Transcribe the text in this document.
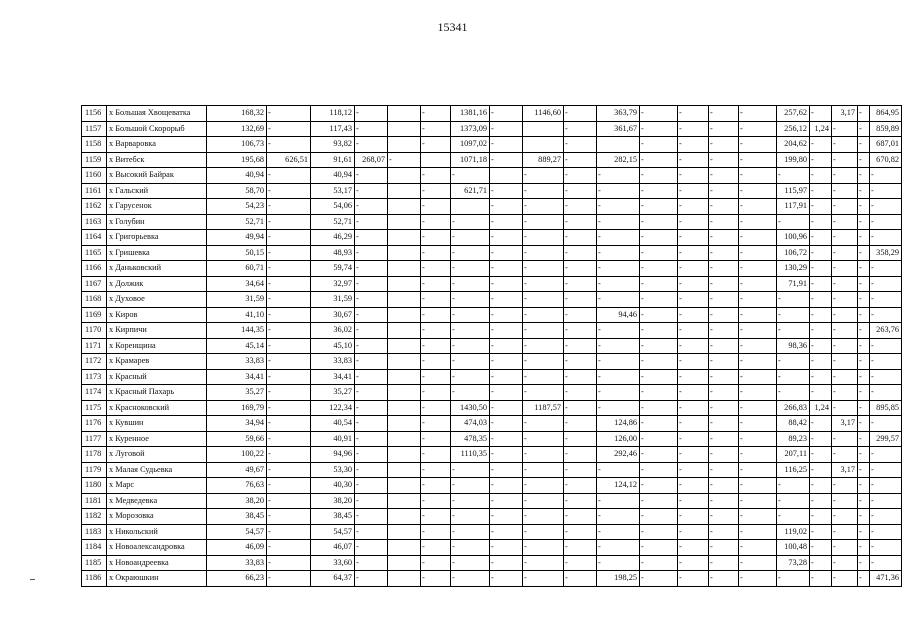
15341
1156	х Большая Хвощеватка	168,32	-	118,12	-		-	1381,16	-	1146,60	-	363,79	-	-	-	-	257,62	-	3,17	-	864,95
1157	х Большой Скорорыб	132,69	-	117,43	-		-	1373,09	-		-	361,67	-	-	-	-	256,12	1,24	-	-	859,89
1158	х Варваровка	106,73	-	93,82	-		-	1097,02	-		-		-	-	-	-	204,62	-	-	-	687,01
1159	х Витебск	195,68	626,51	91,61	268,07	-		1071,18	-	889,27	-	282,15	-	-	-	-	199,80	-	-	-	670,82
1160	х Высокий Байрак	40,94	-	40,94	-		-	-		-	-	-	-	-	-	-	-	-	-	-	-
1161	х Гальский	58,70	-	53,17	-		-	621,71	-	-	-	-	-	-	-	-	115,97	-	-	-	-
1162	х Гарусенок	54,23	-	54,06	-		-		-	-	-	-	-	-	-	-	117,91	-	-	-	-
1163	х Голубин	52,71	-	52,71	-		-	-	-	-	-	-	-	-	-	-	-	-	-	-	-
1164	х Григорьевка	49,94	-	46,29	-		-	-	-	-	-	-	-	-	-	-	100,96	-	-	-	-
1165	х Гришевка	50,15	-	48,93	-		-	-	-	-	-	-	-	-	-	-	106,72	-	-	-	358,29
1166	х Даньковский	60,71	-	59,74	-		-	-	-	-	-	-	-	-	-	-	130,29	-	-	-	-
1167	х Должик	34,64	-	32,97	-		-	-	-	-	-	-	-	-	-	-	71,91	-	-	-	-
1168	х Духовое	31,59	-	31,59	-		-	-	-	-	-	-	-	-	-	-	-	-	-	-	-
1169	х Киров	41,10	-	30,67	-		-	-	-	-	-	94,46	-	-	-	-	-	-	-	-	-
1170	х Кирпичи	144,35	-	36,02	-		-	-	-	-	-	-	-	-	-	-	-	-	-	-	263,76
1171	х Коренщина	45,14	-	45,10	-		-	-	-	-	-	-	-	-	-	-	98,36	-	-	-	-
1172	х Крамарев	33,83	-	33,83	-		-	-	-	-	-	-	-	-	-	-	-	-	-	-	-
1173	х Красный	34,41	-	34,41	-		-	-	-	-	-	-	-	-	-	-	-	-	-	-	-
1174	х Красный Пахарь	35,27	-	35,27	-		-	-	-	-	-	-	-	-	-	-	-	-	-	-	-
1175	х Красноковский	169,79	-	122,34	-		-	1430,50	-	1187,57	-	-	-	-	-	-	266,83	1,24	-	-	895,85
1176	х Кувшин	34,94	-	40,54	-		-	474,03	-	-	-	124,86	-	-	-	-	88,42	-	3,17	-	-
1177	х Куренное	59,66	-	40,91	-		-	478,35	-	-	-	126,00	-	-	-	-	89,23	-	-	-	299,57
1178	х Луговой	100,22	-	94,96	-		-	1110,35	-	-	-	292,46	-	-	-	-	207,11	-	-	-	-
1179	х Малая Судьевка	49,67	-	53,30	-		-	-	-	-	-	-	-	-	-	-	116,25	-	3,17	-	-
1180	х Марс	76,63	-	40,30	-		-	-	-	-	-	124,12	-	-	-	-	-	-	-	-	-
1181	х Медведевка	38,20	-	38,20	-		-	-	-	-	-	-	-	-	-	-	-	-	-	-	-
1182	х Морозовка	38,45	-	38,45	-		-	-	-	-	-	-	-	-	-	-	-	-	-	-	-
1183	х Никольский	54,57	-	54,57	-		-	-	-	-	-	-	-	-	-	-	119,02	-	-	-	-
1184	х Новоалександровка	46,09	-	46,07	-		-	-	-	-	-	-	-	-	-	-	100,48	-	-	-	-
1185	х Новоандреевка	33,83	-	33,60	-		-	-	-	-	-	-	-	-	-	-	73,28	-	-	-	-
1186	х Окраюшкин	66,23	-	64,37	-		-	-	-	-	-	198,25	-	-	-	-	-	-	-	-	471,36
